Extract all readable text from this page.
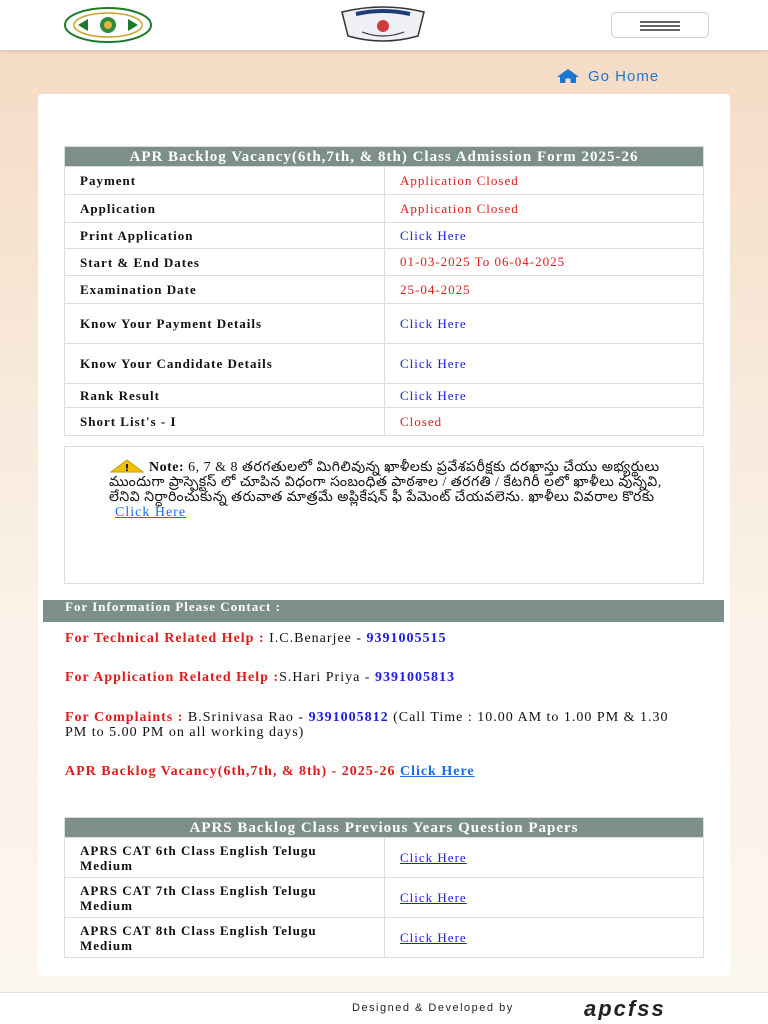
Go Home
APR Backlog Vacancy(6th,7th, & 8th) Class Admission Form 2025-26	
Payment	Application Closed
Application	Application Closed
Print Application	Click Here
Start & End Dates	01-03-2025 To 06-04-2025
Examination Date	25-04-2025
Know Your Payment Details	Click Here
Know Your Candidate Details	Click Here
Rank Result	Click Here
Short List's - I	Closed
Note: 6, 7 & 8 తరగతులలో మిగిలివున్న ఖాళీలకు ప్రవేశపరీక్షకు దరఖాస్తు చేయు అభ్యర్థులు ముందుగా ప్రాస్పెక్టస్ లో చూపిన విధంగా సంబంధిత పాఠశాల / తరగతి / కేటగిరీ లలో ఖాళీలు వున్నవి, లేనివి నిర్ధారించుకున్న తరువాత మాత్రమే అప్లికేషన్ ఫీ పేమెంట్ చేయవలెను. ఖాళీలు వివరాల కొరకు Click Here
For Information Please Contact :
For Technical Related Help : I.C.Benarjee - 9391005515
For Application Related Help :S.Hari Priya - 9391005813
For Complaints : B.Srinivasa Rao - 9391005812 (Call Time : 10.00 AM to 1.00 PM & 1.30 PM to 5.00 PM on all working days)
APR Backlog Vacancy(6th,7th, & 8th) - 2025-26 Click Here
APRS Backlog Class Previous Years Question Papers	
APRS CAT 6th Class English Telugu Medium	Click Here
APRS CAT 7th Class English Telugu Medium	Click Here
APRS CAT 8th Class English Telugu Medium	Click Here
Designed & Developed by	apcfss
